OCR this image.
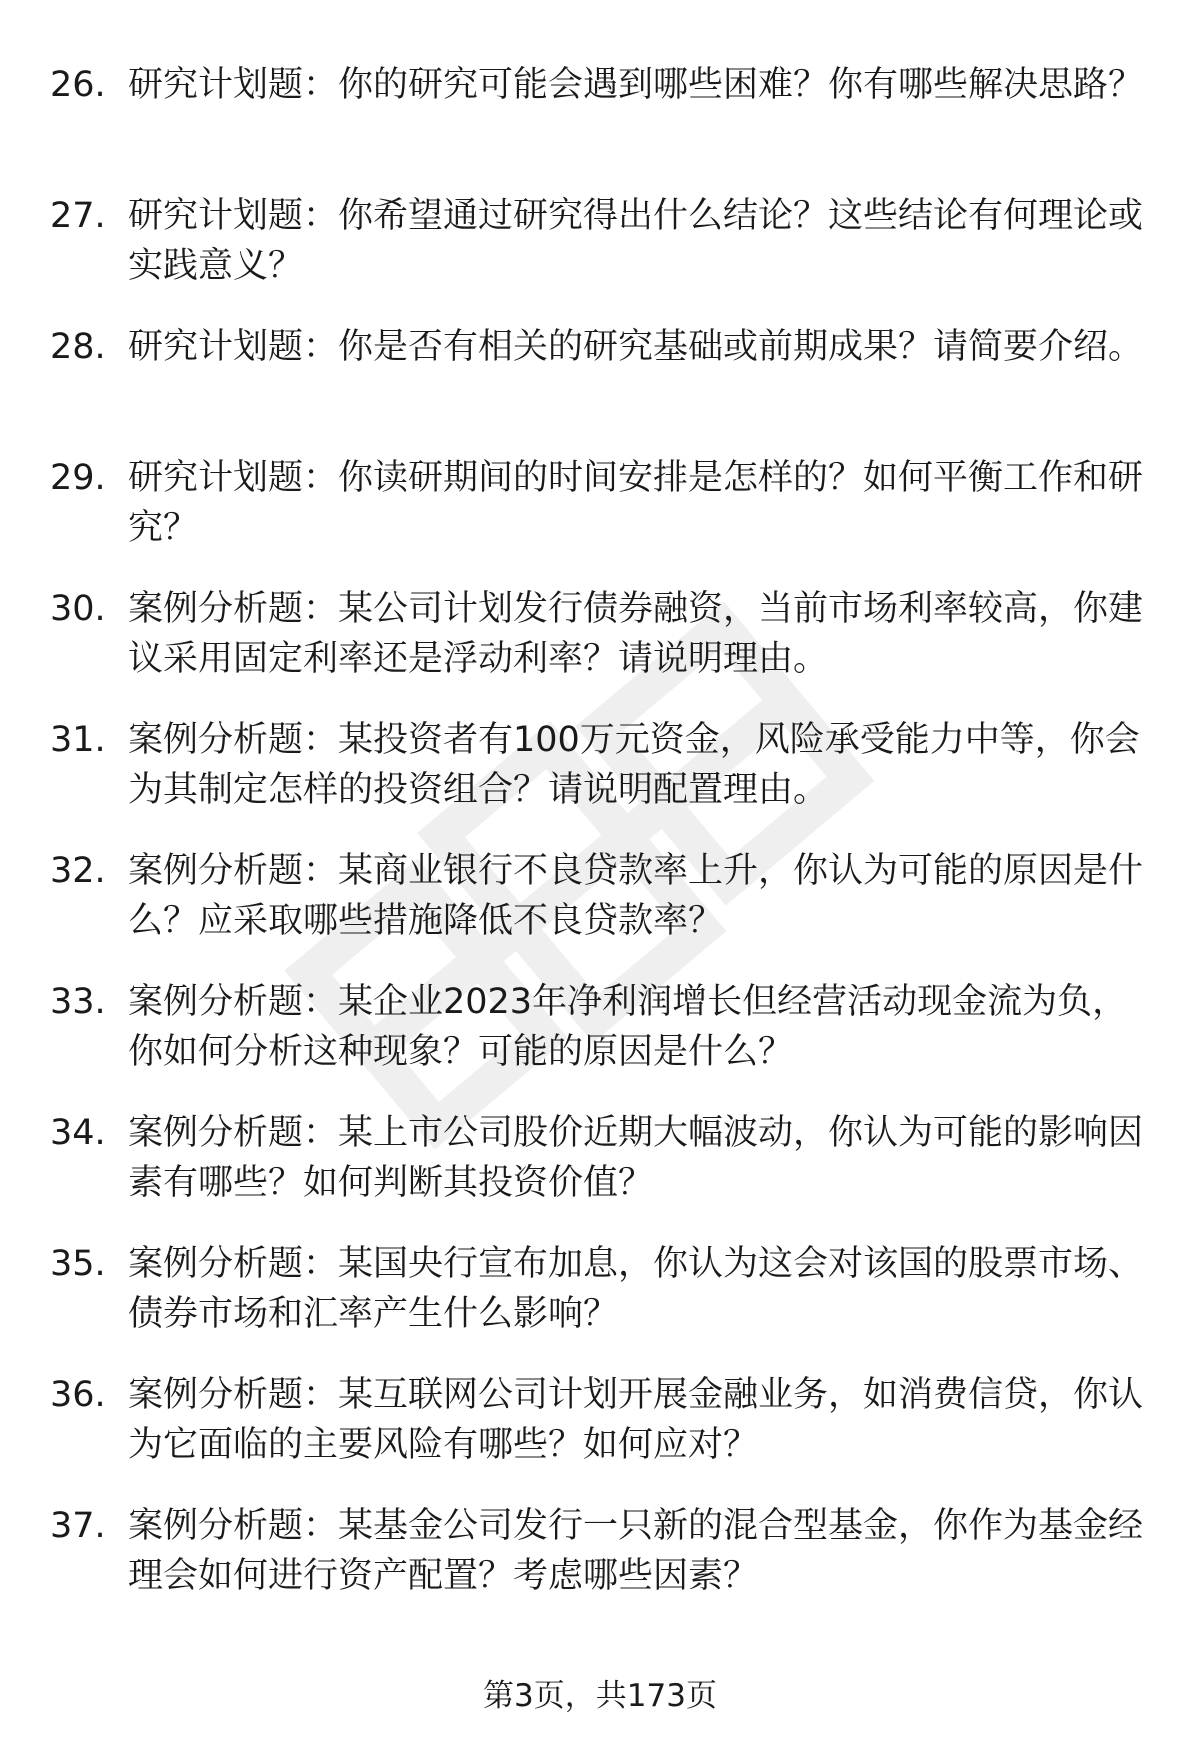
26. 研究计划题：你的研究可能会遇到哪些困难？你有哪些解决思路？
27. 研究计划题：你希望通过研究得出什么结论？这些结论有何理论或实践意义？
28. 研究计划题：你是否有相关的研究基础或前期成果？请简要介绍。
29. 研究计划题：你读研期间的时间安排是怎样的？如何平衡工作和研究？
30. 案例分析题：某公司计划发行债券融资，当前市场利率较高，你建议采用固定利率还是浮动利率？请说明理由。
31. 案例分析题：某投资者有100万元资金，风险承受能力中等，你会为其制定怎样的投资组合？请说明配置理由。
32. 案例分析题：某商业银行不良贷款率上升，你认为可能的原因是什么？应采取哪些措施降低不良贷款率？
33. 案例分析题：某企业2023年净利润增长但经营活动现金流为负，你如何分析这种现象？可能的原因是什么？
34. 案例分析题：某上市公司股价近期大幅波动，你认为可能的影响因素有哪些？如何判断其投资价值？
35. 案例分析题：某国央行宣布加息，你认为这会对该国的股票市场、债券市场和汇率产生什么影响？
36. 案例分析题：某互联网公司计划开展金融业务，如消费信贷，你认为它面临的主要风险有哪些？如何应对？
37. 案例分析题：某基金公司发行一只新的混合型基金，你作为基金经理会如何进行资产配置？考虑哪些因素？
第3页，共173页
